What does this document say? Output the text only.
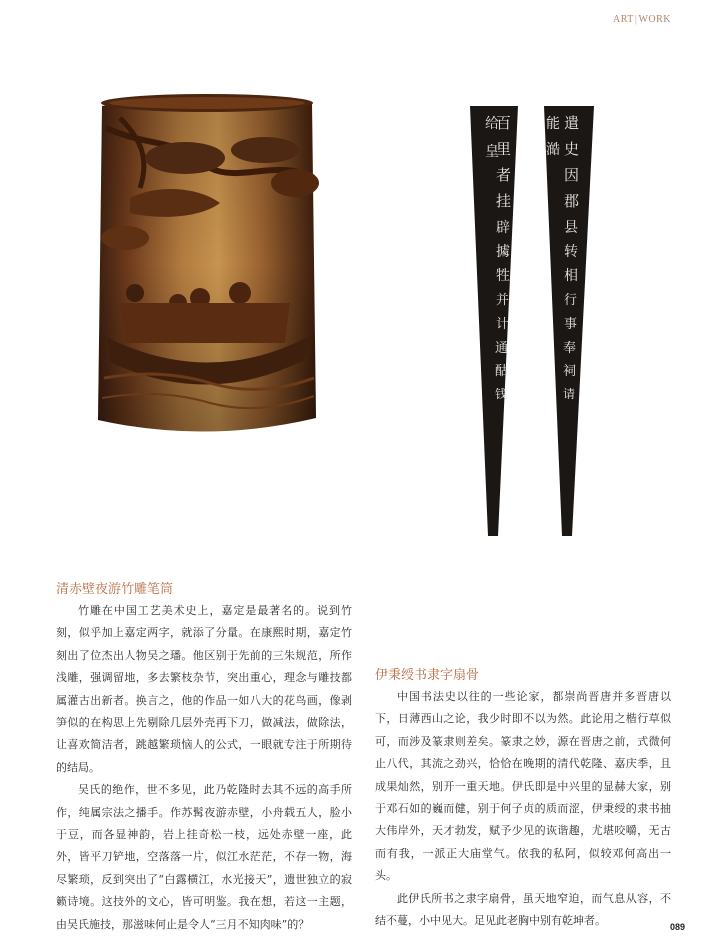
ART|WORK
给
皇
百
里
者
挂
辟
㩀
牲
并
计
通
酤
钱
能
澔
遣
史
因
郡
县
转
相
行
事
奉
祠
请
清赤壁夜游竹雕笔筒

竹雕在中国工艺美术史上，嘉定是最著名的。说到竹刻，似乎加上嘉定两字，就添了分量。在康熙时期，嘉定竹刻出了位杰出人物吴之璠。他区别于先前的三朱规范，所作浅雕，强调留地，多去繁枝杂节，突出重心，理念与雕技都属灌古出新者。换言之，他的作品一如八大的花鸟画，像剥笋似的在构思上先剔除几层外壳再下刀，做减法，做除法，让喜欢简洁者，跳越繁琐恼人的公式，一眼就专注于所期待的结局。

吴氏的绝作，世不多见，此乃乾隆时去其不远的高手所作，纯属宗法之播手。作苏髯夜游赤壁，小舟载五人，脸小于豆，而各显神韵，岩上挂奇松一枝，远处赤壁一座，此外，皆平刀铲地，空落落一片，似江水茫茫，不存一物，海尽繁琐，反到突出了“白露横江，水光接天”，遗世独立的寂籁诗境。这技外的文心，皆可明鉴。我在想，若这一主题，由吴氏施技，那滋味何止是令人“三月不知肉味”的？

伊秉绶书隶字扇骨

中国书法史以往的一些论家，都崇尚晋唐并多晋唐以下，日薄西山之论，我少时即不以为然。此论用之楷行草似可，而涉及篆隶则差矣。篆隶之妙，源在晋唐之前，式微何止八代，其流之劲兴，恰恰在晚期的清代乾隆、嘉庆季，且成果灿然，别开一重天地。伊氏即是中兴里的显赫大家，别于邓石如的巍而健，别于何子贞的质而涩，伊秉绶的隶书抽大伟岸外，天才勃发，赋予少见的诙谐趣，尤堪咬嚼，无古而有我，一派正大庙堂气。依我的私阿，似较邓何高出一头。

此伊氏所书之隶字扇骨，虽天地窄迫，而气息从容，不结不蔓，小中见大。足见此老胸中别有乾坤者。	089
